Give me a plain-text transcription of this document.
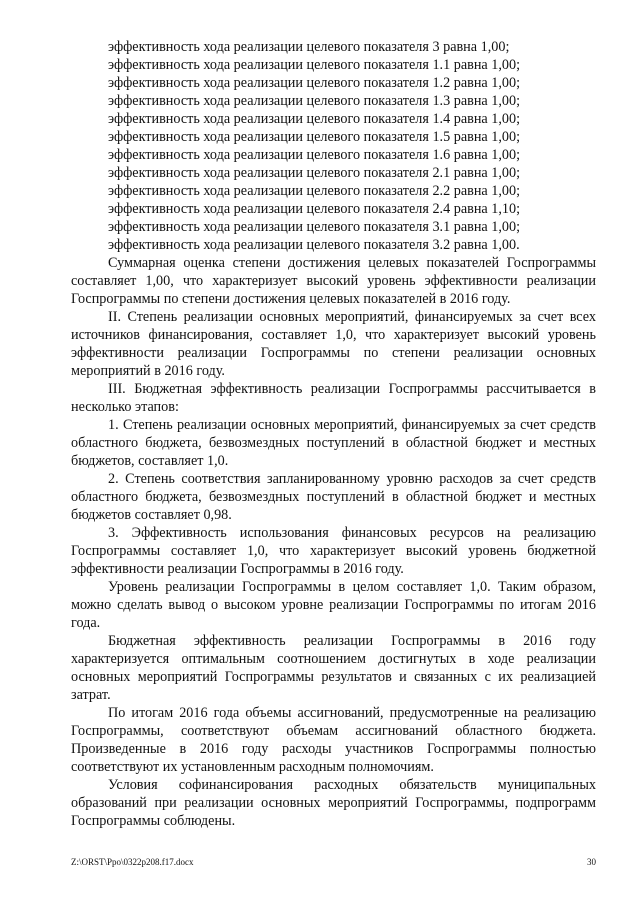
эффективность хода реализации целевого показателя 3 равна 1,00;
эффективность хода реализации целевого показателя 1.1 равна 1,00;
эффективность хода реализации целевого показателя 1.2 равна 1,00;
эффективность хода реализации целевого показателя 1.3 равна 1,00;
эффективность хода реализации целевого показателя 1.4 равна 1,00;
эффективность хода реализации целевого показателя 1.5 равна 1,00;
эффективность хода реализации целевого показателя 1.6 равна 1,00;
эффективность хода реализации целевого показателя 2.1 равна 1,00;
эффективность хода реализации целевого показателя 2.2 равна 1,00;
эффективность хода реализации целевого показателя 2.4 равна 1,10;
эффективность хода реализации целевого показателя 3.1 равна 1,00;
эффективность хода реализации целевого показателя 3.2 равна 1,00.

Суммарная оценка степени достижения целевых показателей Госпрограммы составляет 1,00, что характеризует высокий уровень эффективности реализации Госпрограммы по степени достижения целевых показателей в 2016 году.

II. Степень реализации основных мероприятий, финансируемых за счет всех источников финансирования, составляет 1,0, что характеризует высокий уровень эффективности реализации Госпрограммы по степени реализации основных мероприятий в 2016 году.

III. Бюджетная эффективность реализации Госпрограммы рассчитывается в несколько этапов:

1. Степень реализации основных мероприятий, финансируемых за счет средств областного бюджета, безвозмездных поступлений в областной бюджет и местных бюджетов, составляет 1,0.

2. Степень соответствия запланированному уровню расходов за счет средств областного бюджета, безвозмездных поступлений в областной бюджет и местных бюджетов составляет 0,98.

3. Эффективность использования финансовых ресурсов на реализацию Госпрограммы составляет 1,0, что характеризует высокий уровень бюджетной эффективности реализации Госпрограммы в 2016 году.

Уровень реализации Госпрограммы в целом составляет 1,0. Таким образом, можно сделать вывод о высоком уровне реализации Госпрограммы по итогам 2016 года.

Бюджетная эффективность реализации Госпрограммы в 2016 году характеризуется оптимальным соотношением достигнутых в ходе реализации основных мероприятий Госпрограммы результатов и связанных с их реализацией затрат.

По итогам 2016 года объемы ассигнований, предусмотренные на реализацию Госпрограммы, соответствуют объемам ассигнований областного бюджета. Произведенные в 2016 году расходы участников Госпрограммы полностью соответствуют их установленным расходным полномочиям.

Условия софинансирования расходных обязательств муниципальных образований при реализации основных мероприятий Госпрограммы, подпрограмм Госпрограммы соблюдены.

Z:\ORST\Ppo\0322p208.f17.docx	30
